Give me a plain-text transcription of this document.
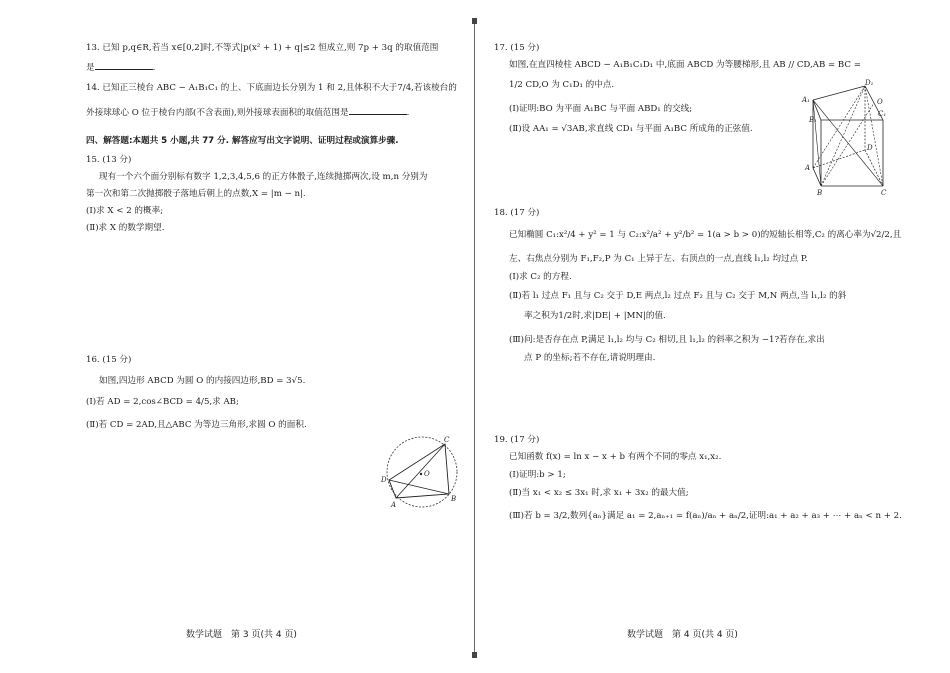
13. 已知 p,q∈R,若当 x∈[0,2]时,不等式|p(x² + 1) + q|≤2 恒成立,则 7p + 3q 的取值范围
是	.
14. 已知正三棱台 ABC − A₁B₁C₁ 的上、下底面边长分别为 1 和 2,且体积不大于7/4,若该棱台的
外接球球心 O 位于棱台内部(不含表面),则外接球表面积的取值范围是	.
四、解答题:本题共 5 小题,共 77 分. 解答应写出文字说明、证明过程或演算步骤.
15. (13 分)
现有一个六个面分别标有数字 1,2,3,4,5,6 的正方体骰子,连续抛掷两次,设 m,n 分别为
第一次和第二次抛掷骰子落地后朝上的点数,X = |m − n|.
(Ⅰ)求 X < 2 的概率;
(Ⅱ)求 X 的数学期望.
16. (15 分)
如图,四边形 ABCD 为圆 O 的内接四边形,BD = 3√5.
(Ⅰ)若 AD = 2,cos∠BCD = 4/5,求 AB;
(Ⅱ)若 CD = 2AD,且△ABC 为等边三角形,求圆 O 的面积.
C
O
D
A
B
数学试题　第 3 页(共 4 页)
17. (15 分)
如图,在直四棱柱 ABCD − A₁B₁C₁D₁ 中,底面 ABCD 为等腰梯形,且 AB // CD,AB = BC =
1/2 CD,O 为 C₁D₁ 的中点.
(Ⅰ)证明:BO 为平面 A₁BC 与平面 ABD₁ 的交线;
(Ⅱ)设 AA₁ = √3AB,求直线 CD₁ 与平面 A₁BC 所成角的正弦值.
D₁
O
A₁
B₁
C₁
D
A
B	C
18. (17 分)
已知椭圆 C₁:x²/4 + y² = 1 与 C₂:x²/a² + y²/b² = 1(a > b > 0)的短轴长相等,C₂ 的离心率为√2/2,且
左、右焦点分别为 F₁,F₂,P 为 C₁ 上异于左、右顶点的一点,直线 l₁,l₂ 均过点 P.
(Ⅰ)求 C₂ 的方程.
(Ⅱ)若 l₁ 过点 F₁ 且与 C₂ 交于 D,E 两点,l₂ 过点 F₂ 且与 C₂ 交于 M,N 两点,当 l₁,l₂ 的斜
率之积为1/2时,求|DE| + |MN|的值.
(Ⅲ)问:是否存在点 P,满足 l₁,l₂ 均与 C₂ 相切,且 l₁,l₂ 的斜率之积为 −1?若存在,求出
点 P 的坐标;若不存在,请说明理由.
19. (17 分)
已知函数 f(x) = ln x − x + b 有两个不同的零点 x₁,x₂.
(Ⅰ)证明:b > 1;
(Ⅱ)当 x₁ < x₂ ≤ 3x₁ 时,求 x₁ + 3x₂ 的最大值;
(Ⅲ)若 b = 3/2,数列{aₙ}满足 a₁ = 2,aₙ₊₁ = f(aₙ)/aₙ + aₙ/2,证明:a₁ + a₂ + a₃ + ⋯ + aₙ < n + 2.
数学试题　第 4 页(共 4 页)
